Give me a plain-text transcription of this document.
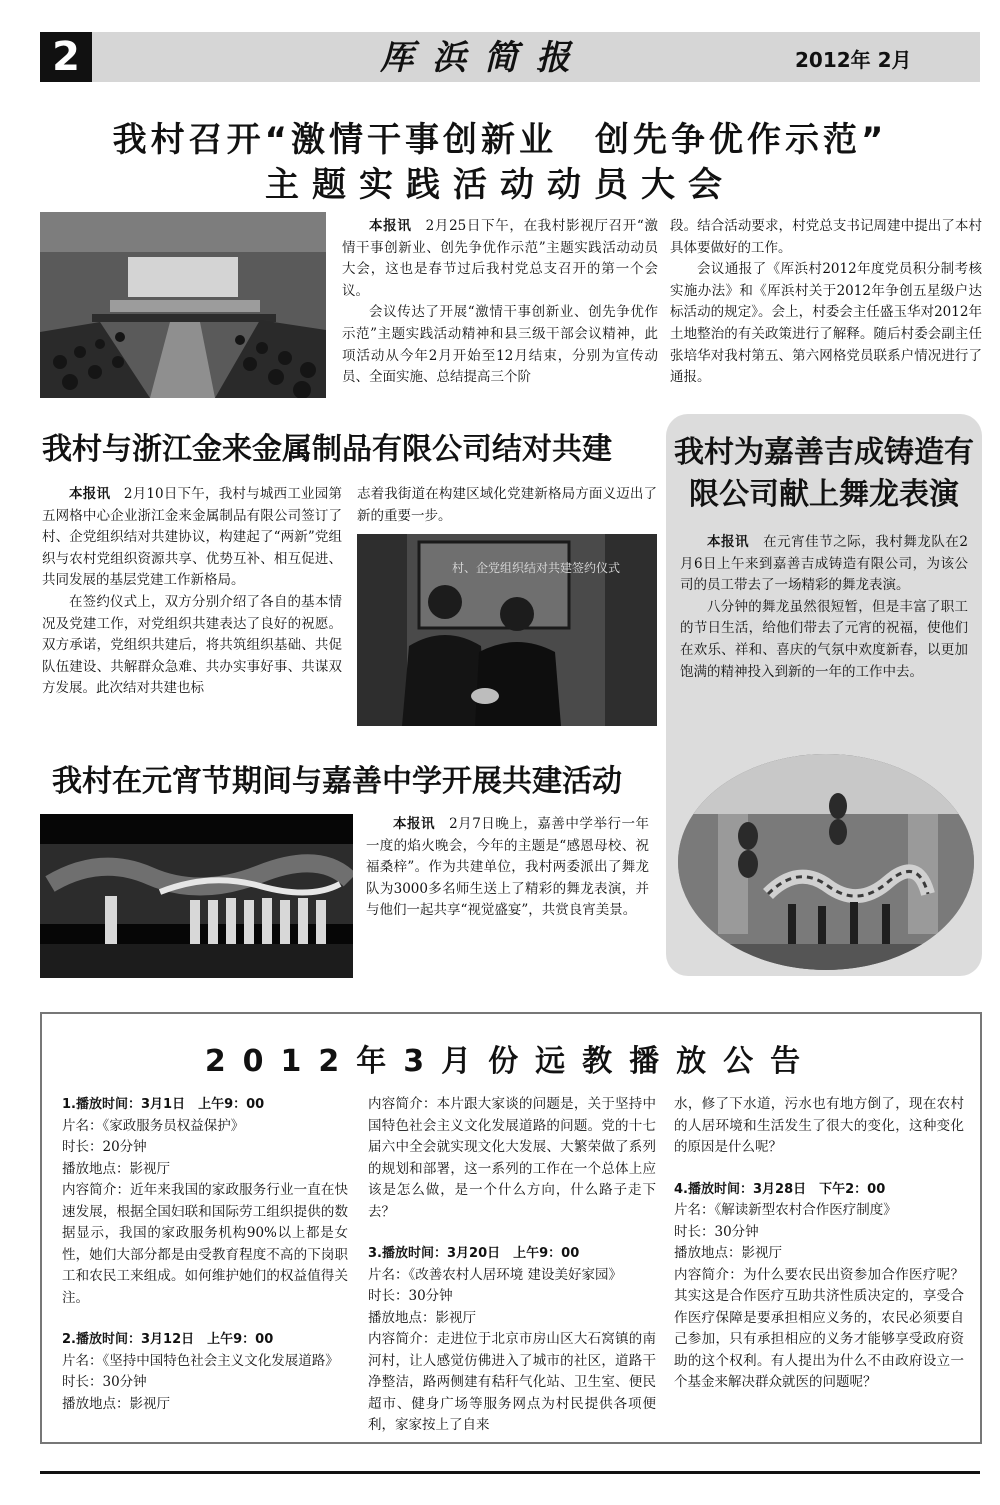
2	厍浜简报	2012年 2月
我村召开“激情干事创新业　创先争优作示范”
主题实践活动动员大会

本报讯　2月25日下午，在我村影视厅召开“激情干事创新业、创先争优作示范”主题实践活动动员大会，这也是春节过后我村党总支召开的第一个会议。

会议传达了开展“激情干事创新业、创先争优作示范”主题实践活动精神和县三级干部会议精神，此项活动从今年2月开始至12月结束，分别为宣传动员、全面实施、总结提高三个阶

段。结合活动要求，村党总支书记周建中提出了本村具体要做好的工作。

会议通报了《厍浜村2012年度党员积分制考核实施办法》和《厍浜村关于2012年争创五星级户达标活动的规定》。会上，村委会主任盛玉华对2012年土地整治的有关政策进行了解释。随后村委会副主任张培华对我村第五、第六网格党员联系户情况进行了通报。

我村与浙江金来金属制品有限公司结对共建

本报讯　2月10日下午，我村与城西工业园第五网格中心企业浙江金来金属制品有限公司签订了村、企党组织结对共建协议，构建起了“两新”党组织与农村党组织资源共享、优势互补、相互促进、共同发展的基层党建工作新格局。

在签约仪式上，双方分别介绍了各自的基本情况及党建工作，对党组织共建表达了良好的祝愿。双方承诺，党组织共建后，将共筑组织基础、共促队伍建设、共解群众急难、共办实事好事、共谋双方发展。此次结对共建也标

志着我街道在构建区域化党建新格局方面义迈出了新的重要一步。

村、企党组织结对共建签约仪式
我村为嘉善吉成铸造有限公司献上舞龙表演

本报讯　在元宵佳节之际，我村舞龙队在2月6日上午来到嘉善吉成铸造有限公司，为该公司的员工带去了一场精彩的舞龙表演。

八分钟的舞龙虽然很短暂，但是丰富了职工的节日生活，给他们带去了元宵的祝福，使他们在欢乐、祥和、喜庆的气氛中欢度新春，以更加饱满的精神投入到新的一年的工作中去。

我村在元宵节期间与嘉善中学开展共建活动

本报讯　2月7日晚上，嘉善中学举行一年一度的焰火晚会，今年的主题是“感恩母校、祝福桑梓”。作为共建单位，我村两委派出了舞龙队为3000多名师生送上了精彩的舞龙表演，并与他们一起共享“视觉盛宴”，共赏良宵美景。

2012年3月份远教播放公告
1.播放时间：3月1日　上午9：00
片名：《家政服务员权益保护》
时长：20分钟
播放地点：影视厅
内容简介：近年来我国的家政服务行业一直在快速发展，根据全国妇联和国际劳工组织提供的数据显示，我国的家政服务机构90%以上都是女性，她们大部分都是由受教育程度不高的下岗职工和农民工来组成。如何维护她们的权益值得关注。
2.播放时间：3月12日　上午9：00
片名：《坚持中国特色社会主义文化发展道路》
时长：30分钟
播放地点：影视厅
内容简介：本片跟大家谈的问题是，关于坚持中国特色社会主义文化发展道路的问题。党的十七届六中全会就实现文化大发展、大繁荣做了系列的规划和部署，这一系列的工作在一个总体上应该是怎么做，是一个什么方向，什么路子走下去？
3.播放时间：3月20日　上午9：00
片名：《改善农村人居环境 建设美好家园》
时长：30分钟
播放地点：影视厅
内容简介：走进位于北京市房山区大石窝镇的南河村，让人感觉仿佛进入了城市的社区，道路干净整洁，路两侧建有秸秆气化站、卫生室、便民超市、健身广场等服务网点为村民提供各项便利，家家按上了自来
水，修了下水道，污水也有地方倒了，现在农村的人居环境和生活发生了很大的变化，这种变化的原因是什么呢？
4.播放时间：3月28日　下午2：00
片名：《解读新型农村合作医疗制度》
时长：30分钟
播放地点：影视厅
内容简介：为什么要农民出资参加合作医疗呢？其实这是合作医疗互助共济性质决定的，享受合作医疗保障是要承担相应义务的，农民必须要自己参加，只有承担相应的义务才能够享受政府资助的这个权利。有人提出为什么不由政府设立一个基金来解决群众就医的问题呢？
